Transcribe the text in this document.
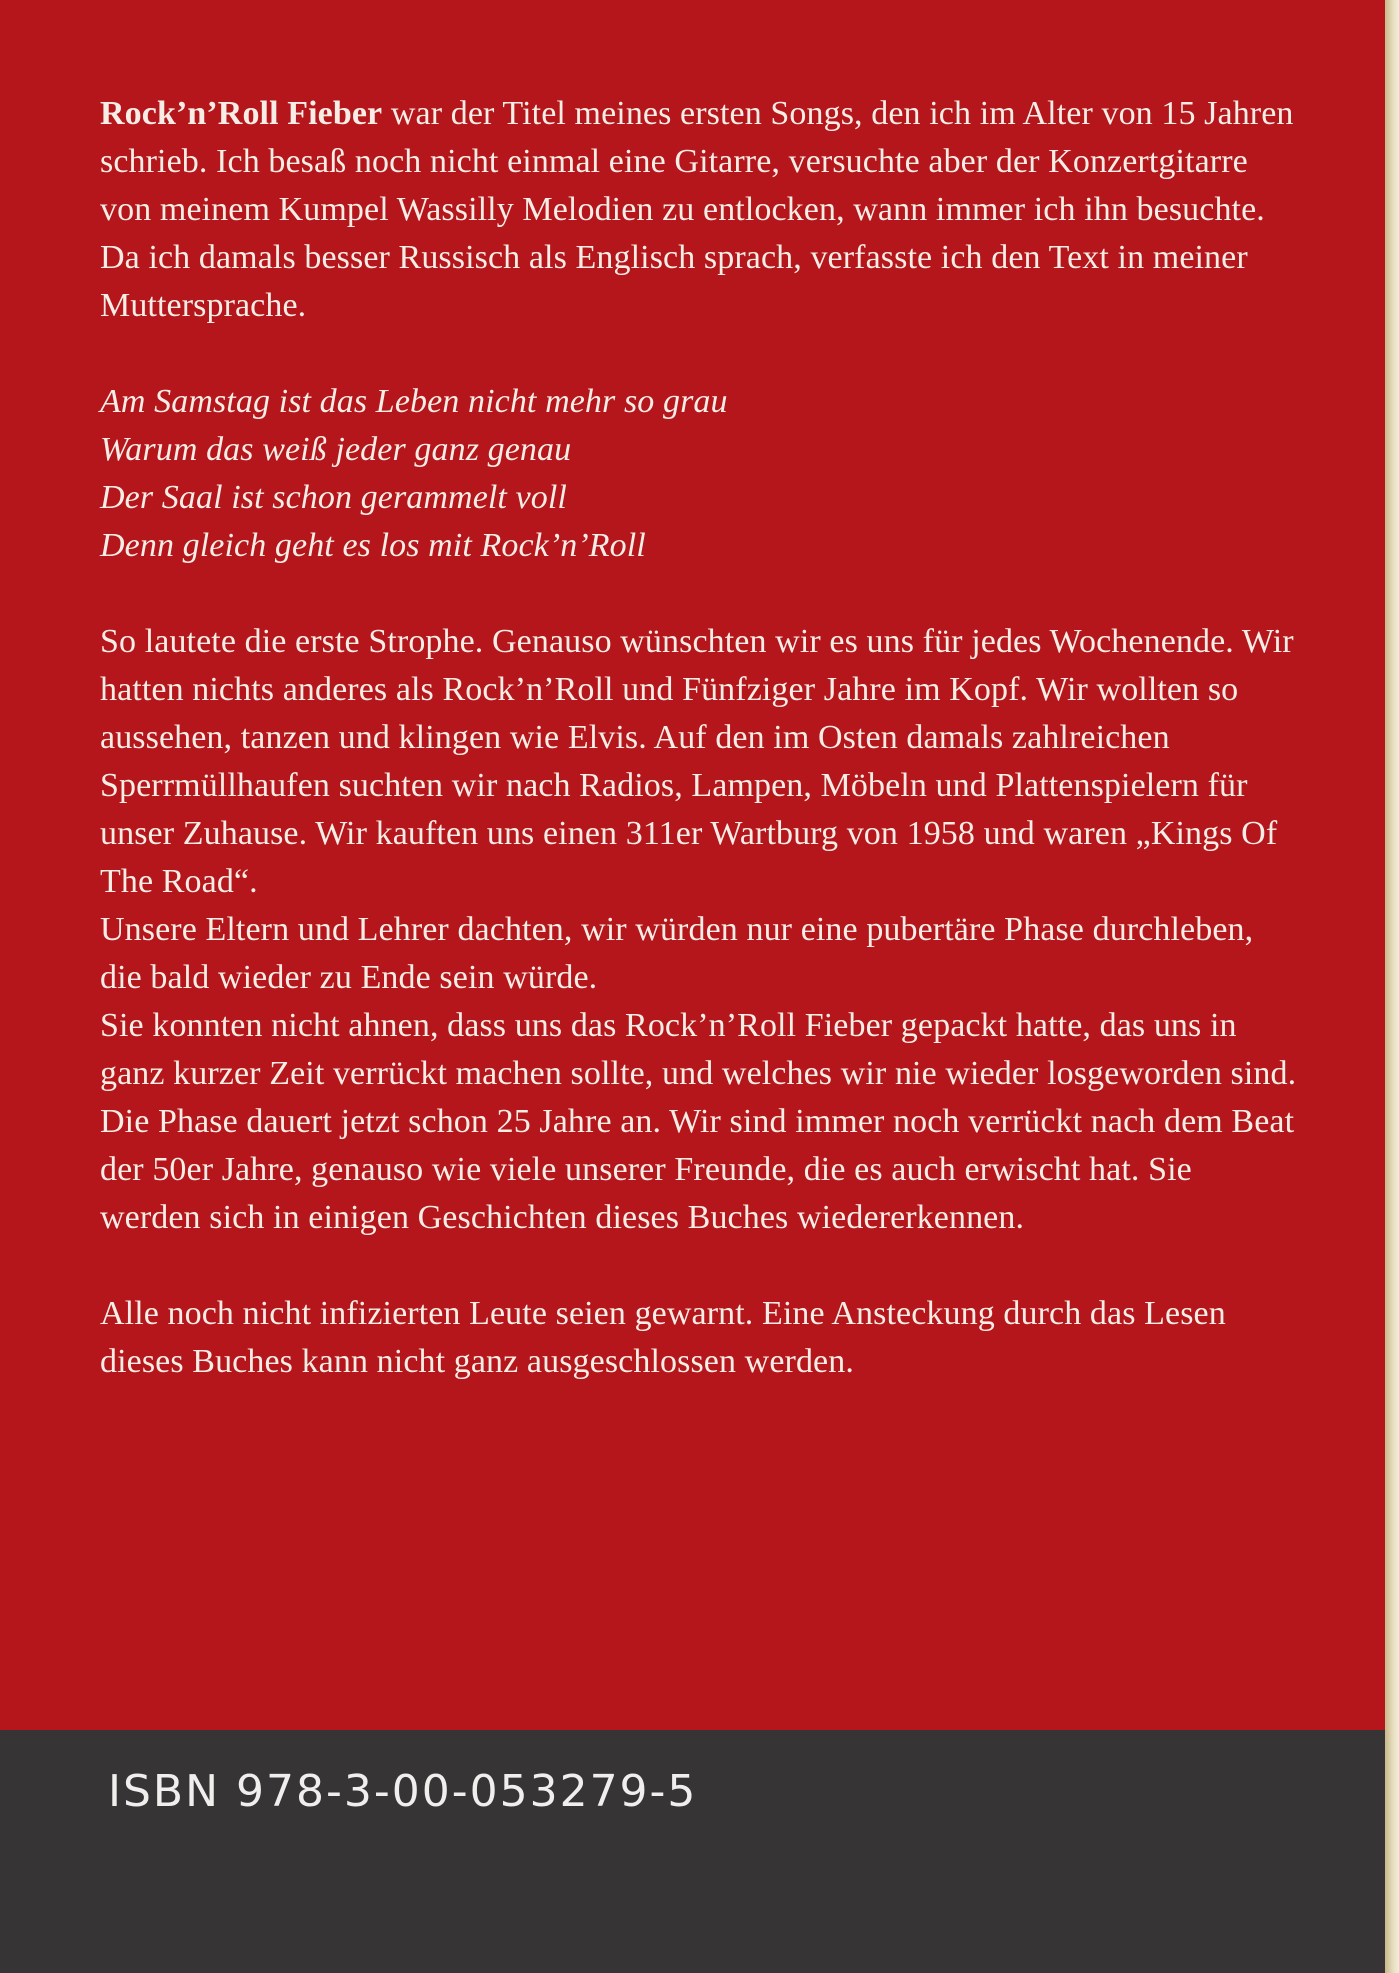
Rock’n’Roll Fieber war der Titel meines ersten Songs, den ich im Alter von 15 Jahren schrieb. Ich besaß noch nicht einmal eine Gitarre, versuchte aber der Konzertgitarre von meinem Kumpel Wassilly Melodien zu entlocken, wann immer ich ihn besuchte. Da ich damals besser Russisch als Englisch sprach, verfasste ich den Text in meiner Muttersprache.

Am Samstag ist das Leben nicht mehr so grau
Warum das weiß jeder ganz genau
Der Saal ist schon gerammelt voll
Denn gleich geht es los mit Rock’n’Roll

So lautete die erste Strophe. Genauso wünschten wir es uns für jedes Wochenende. Wir hatten nichts anderes als Rock’n’Roll und Fünfziger Jahre im Kopf. Wir wollten so aussehen, tanzen und klingen wie Elvis. Auf den im Osten damals zahlreichen Sperrmüllhaufen suchten wir nach Radios, Lampen, Möbeln und Plattenspielern für unser Zuhause. Wir kauften uns einen 311er Wartburg von 1958 und waren „Kings Of The Road“.

Unsere Eltern und Lehrer dachten, wir würden nur eine pubertäre Phase durchleben, die bald wieder zu Ende sein würde.

Sie konnten nicht ahnen, dass uns das Rock’n’Roll Fieber gepackt hatte, das uns in ganz kurzer Zeit verrückt machen sollte, und welches wir nie wieder losgeworden sind.

Die Phase dauert jetzt schon 25 Jahre an. Wir sind immer noch verrückt nach dem Beat der 50er Jahre, genauso wie viele unserer Freunde, die es auch erwischt hat. Sie werden sich in einigen Geschichten dieses Buches wiedererkennen.

Alle noch nicht infizierten Leute seien gewarnt. Eine Ansteckung durch das Lesen dieses Buches kann nicht ganz ausgeschlossen werden.

ISBN 978-3-00-053279-5
